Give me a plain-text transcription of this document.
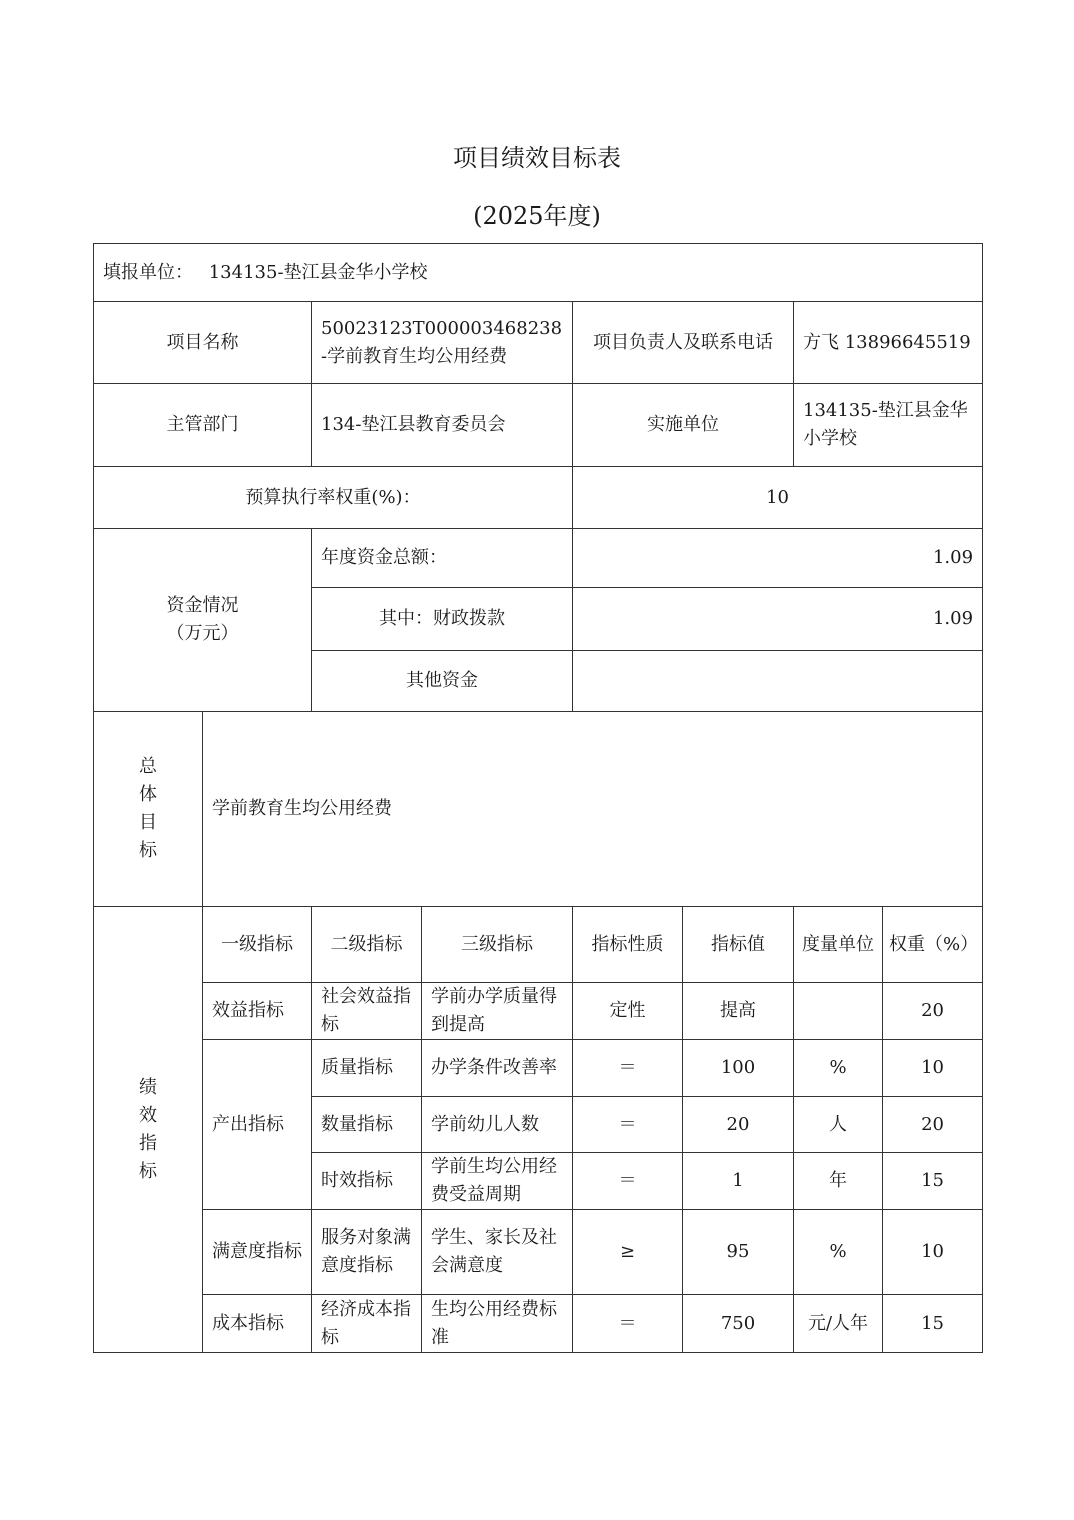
项目绩效目标表
(2025年度)
填报单位： 134135-垫江县金华小学校							
项目名称		50023123T000003468238-学前教育生均公用经费		项目负责人及联系电话		方飞 13896645519	
主管部门		134-垫江县教育委员会		实施单位		134135-垫江县金华小学校	
预算执行率权重(%)：				10			

资金情况
（万元）		年度资金总额：		1.09			
		其中：财政拨款		1.09			
		其他资金					

总
体
目
标	学前教育生均公用经费						

绩
效
指
标	一级指标	二级指标	三级指标	指标性质	指标值	度量单位	权重（%）
	效益指标	社会效益指标	学前办学质量得到提高	定性	提高		20
	产出指标	质量指标	办学条件改善率	＝	100	%	10
		数量指标	学前幼儿人数	＝	20	人	20
		时效指标	学前生均公用经费受益周期	＝	1	年	15
	满意度指标	服务对象满意度指标	学生、家长及社会满意度	≥	95	%	10
	成本指标	经济成本指标	生均公用经费标准	＝	750	元/人年	15
